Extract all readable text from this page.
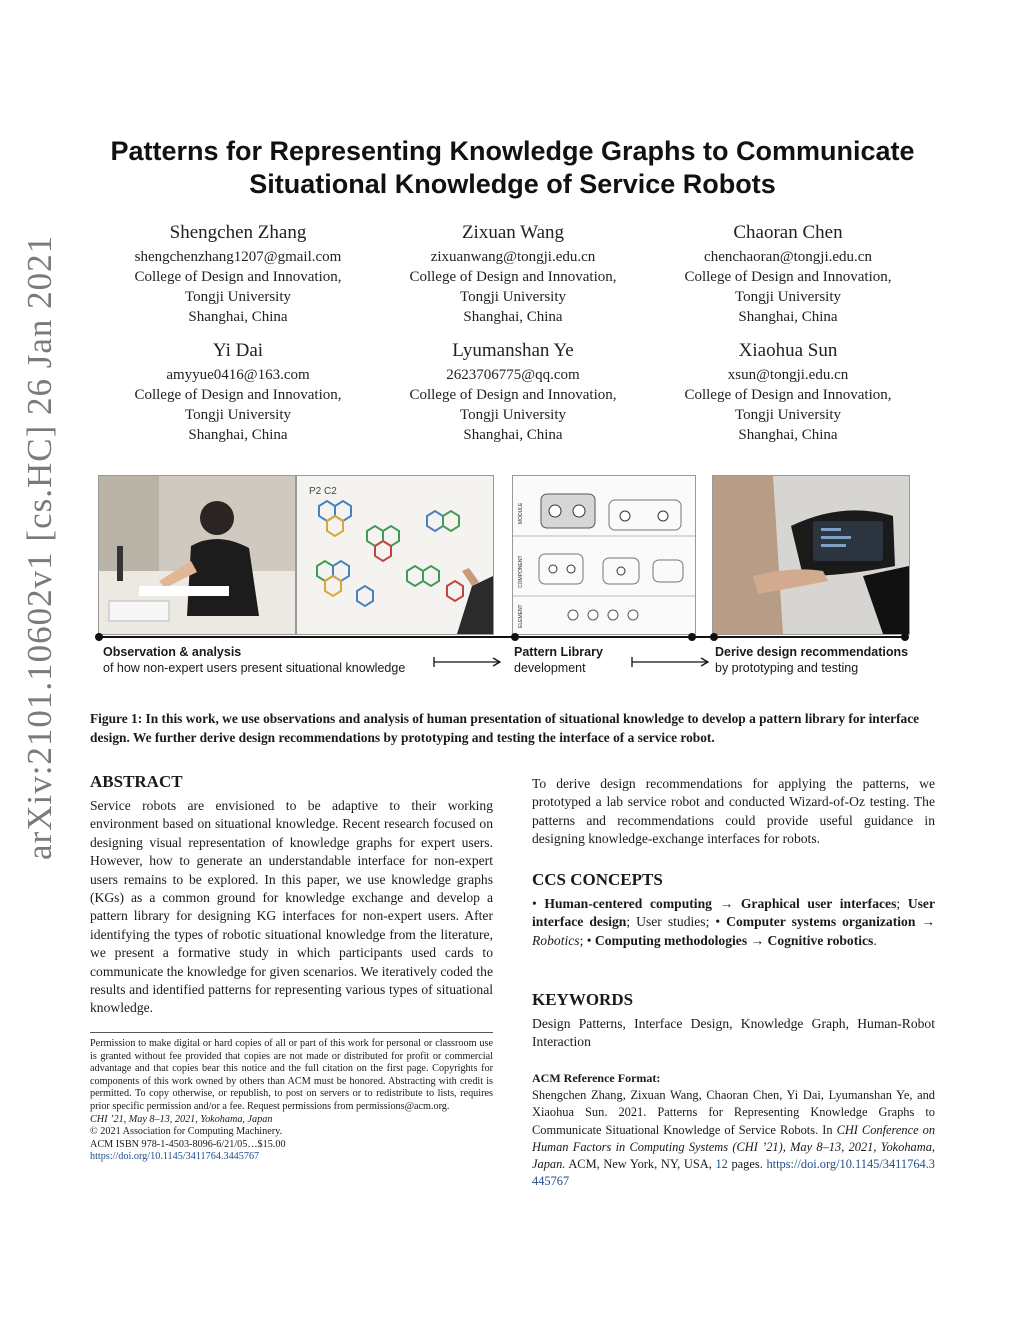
arXiv:2101.10602v1 [cs.HC] 26 Jan 2021
Patterns for Representing Knowledge Graphs to Communicate
Situational Knowledge of Service Robots
Shengchen Zhang
shengchenzhang1207@gmail.com
College of Design and Innovation,
Tongji University
Shanghai, China
Zixuan Wang
zixuanwang@tongji.edu.cn
College of Design and Innovation,
Tongji University
Shanghai, China
Chaoran Chen
chenchaoran@tongji.edu.cn
College of Design and Innovation,
Tongji University
Shanghai, China
Yi Dai
amyyue0416@163.com
College of Design and Innovation,
Tongji University
Shanghai, China
Lyumanshan Ye
2623706775@qq.com
College of Design and Innovation,
Tongji University
Shanghai, China
Xiaohua Sun
xsun@tongji.edu.cn
College of Design and Innovation,
Tongji University
Shanghai, China
P2 C2
MODULE
COMPONENT
ELEMENT
Observation & analysis
of how non-expert users present situational knowledge
Pattern Library
development
Derive design recommendations
by prototyping and testing
Figure 1: In this work, we use observations and analysis of human presentation of situational knowledge to develop a pattern library for interface design. We further derive design recommendations by prototyping and testing the interface of a service robot.
ABSTRACT
Service robots are envisioned to be adaptive to their working environment based on situational knowledge. Recent research focused on designing visual representation of knowledge graphs for expert users. However, how to generate an understandable interface for non-expert users remains to be explored. In this paper, we use knowledge graphs (KGs) as a common ground for knowledge exchange and develop a pattern library for designing KG interfaces for non-expert users. After identifying the types of robotic situational knowledge from the literature, we present a formative study in which participants used cards to communicate the knowledge for given scenarios. We iteratively coded the results and identified patterns for representing various types of situational knowledge.
Permission to make digital or hard copies of all or part of this work for personal or classroom use is granted without fee provided that copies are not made or distributed for profit or commercial advantage and that copies bear this notice and the full citation on the first page. Copyrights for components of this work owned by others than ACM must be honored. Abstracting with credit is permitted. To copy otherwise, or republish, to post on servers or to redistribute to lists, requires prior specific permission and/or a fee. Request permissions from permissions@acm.org.
CHI ’21, May 8–13, 2021, Yokohama, Japan
© 2021 Association for Computing Machinery.
ACM ISBN 978-1-4503-8096-6/21/05…$15.00
https://doi.org/10.1145/3411764.3445767
To derive design recommendations for applying the patterns, we prototyped a lab service robot and conducted Wizard-of-Oz testing. The patterns and recommendations could provide useful guidance in designing knowledge-exchange interfaces for robots.
CCS CONCEPTS
• Human-centered computing → Graphical user interfaces; User interface design; User studies; • Computer systems organization → Robotics; • Computing methodologies → Cognitive robotics.
KEYWORDS
Design Patterns, Interface Design, Knowledge Graph, Human-Robot Interaction
ACM Reference Format:
Shengchen Zhang, Zixuan Wang, Chaoran Chen, Yi Dai, Lyumanshan Ye, and Xiaohua Sun. 2021. Patterns for Representing Knowledge Graphs to Communicate Situational Knowledge of Service Robots. In CHI Conference on Human Factors in Computing Systems (CHI ’21), May 8–13, 2021, Yokohama, Japan. ACM, New York, NY, USA, 12 pages. https://doi.org/10.1145/3411764.3445767
